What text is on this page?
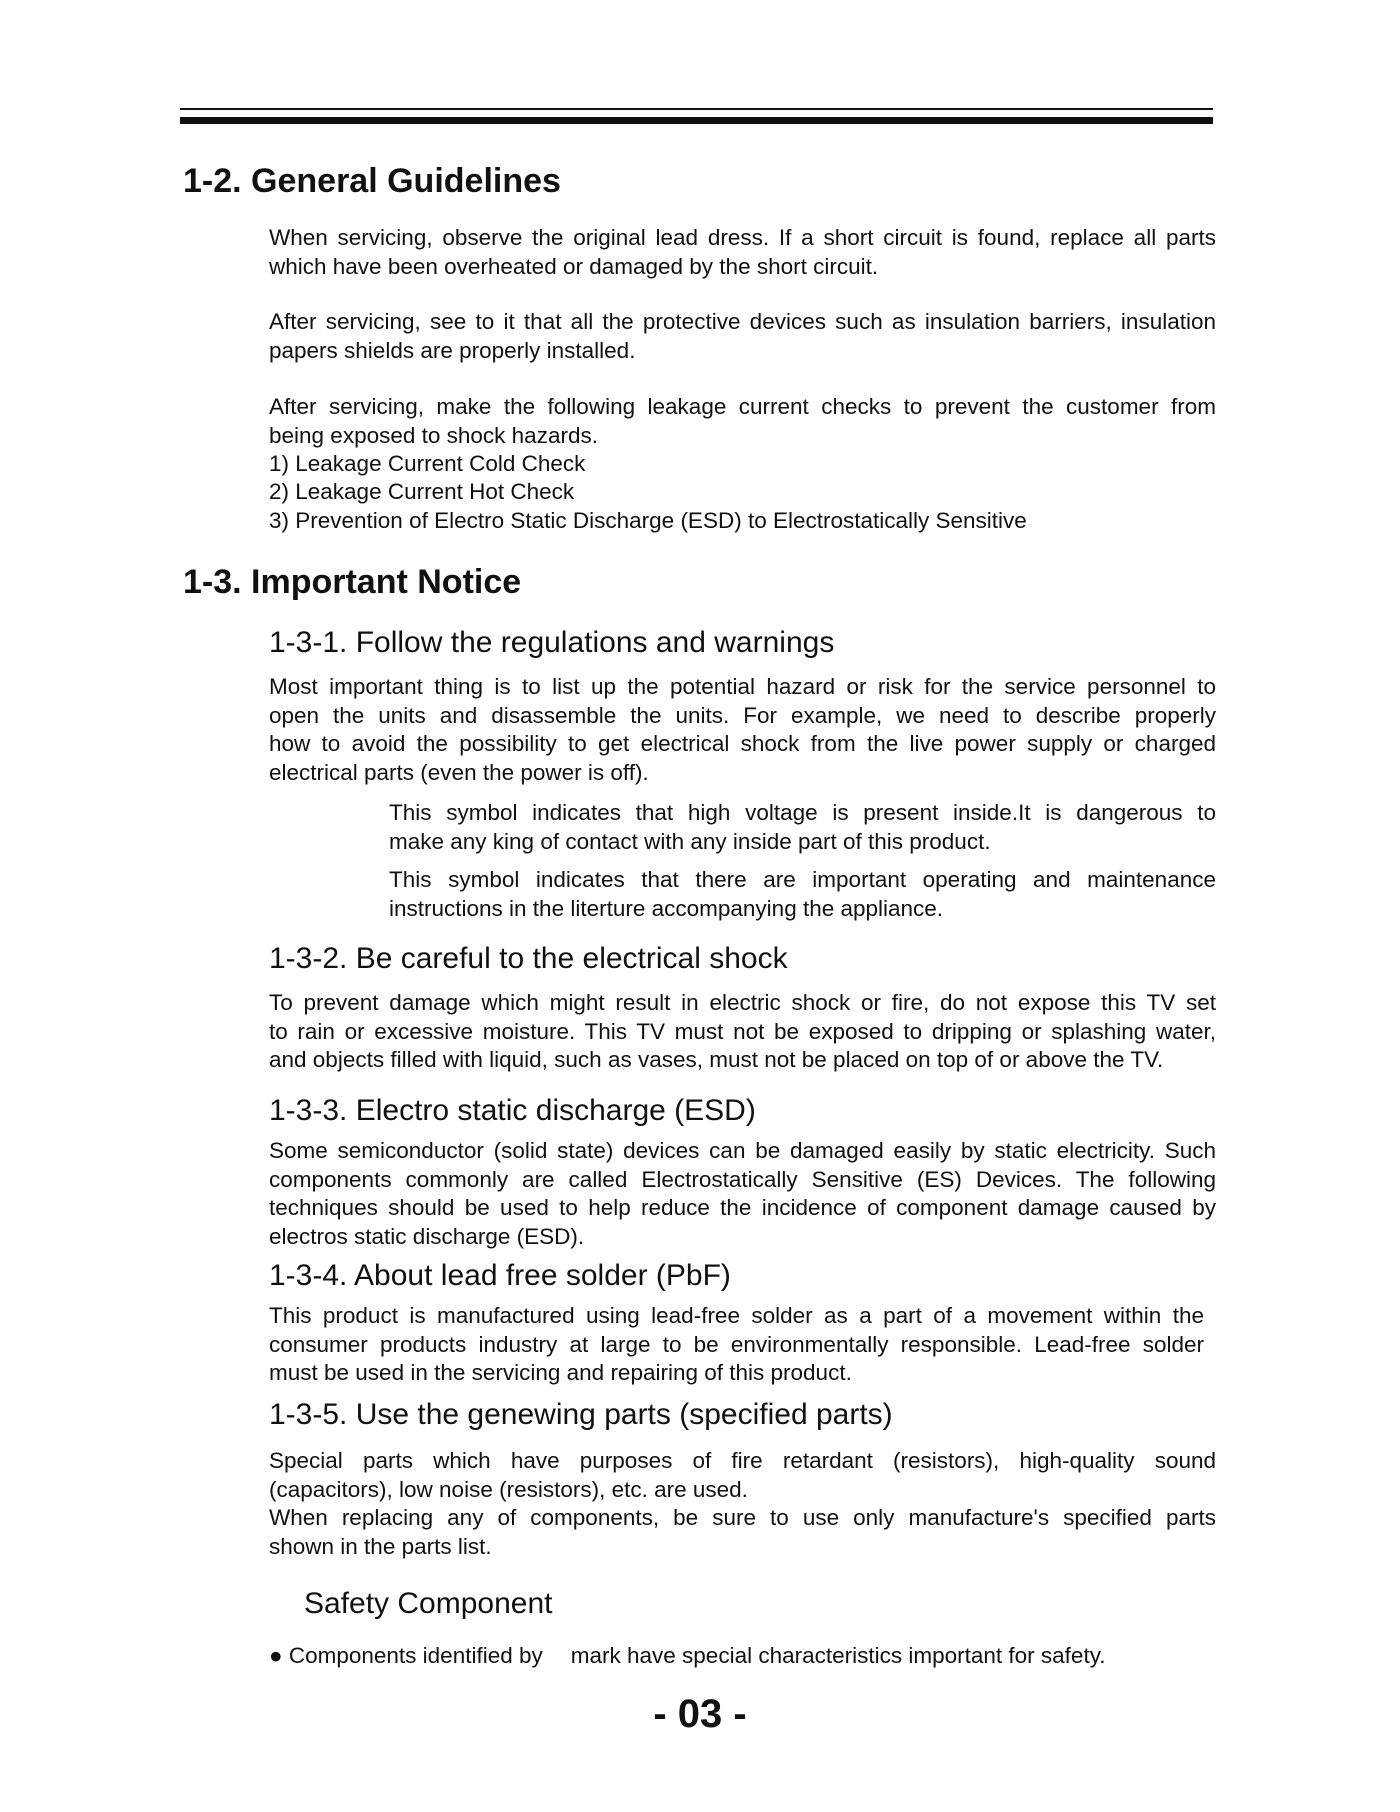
1-2. General Guidelines
When servicing, observe the original lead dress. If a short circuit is found, replace all parts
which have been overheated or damaged by the short circuit.
After servicing, see to it that all the protective devices such as insulation barriers, insulation
papers shields are properly installed.
After servicing, make the following leakage current checks to prevent the customer from
being exposed to shock hazards.
1) Leakage Current Cold Check
2) Leakage Current Hot Check
3) Prevention of Electro Static Discharge (ESD) to Electrostatically Sensitive
1-3. Important Notice
1-3-1. Follow the regulations and warnings
Most important thing is to list up the potential hazard or risk for the service personnel to
open the units and disassemble the units. For example, we need to describe properly
how to avoid the possibility to get electrical shock from the live power supply or charged
electrical parts (even the power is off).
This symbol indicates that high voltage is present inside.It is dangerous to
make any king of contact with any inside part of this product.
This symbol indicates that there are important operating and maintenance
instructions in the literture accompanying the appliance.
1-3-2. Be careful to the electrical shock
To prevent damage which might result in electric shock or fire, do not expose this TV set
to rain or excessive moisture. This TV must not be exposed to dripping or splashing water,
and objects filled with liquid, such as vases, must not be placed on top of or above the TV.
1-3-3. Electro static discharge (ESD)
Some semiconductor (solid state) devices can be damaged easily by static electricity. Such
components commonly are called Electrostatically Sensitive (ES) Devices. The following
techniques should be used to help reduce the incidence of component damage caused by
electros static discharge (ESD).
1-3-4. About lead free solder (PbF)
This product is manufactured using lead-free solder as a part of a movement within the
consumer products industry at large to be environmentally responsible. Lead-free solder
must be used in the servicing and repairing of this product.
1-3-5. Use the genewing parts (specified parts)
Special parts which have purposes of fire retardant (resistors), high-quality sound
(capacitors), low noise (resistors), etc. are used.
When replacing any of components, be sure to use only manufacture's specified parts
shown in the parts list.
Safety Component
● Components identified by mark have special characteristics important for safety.
- 03 -
